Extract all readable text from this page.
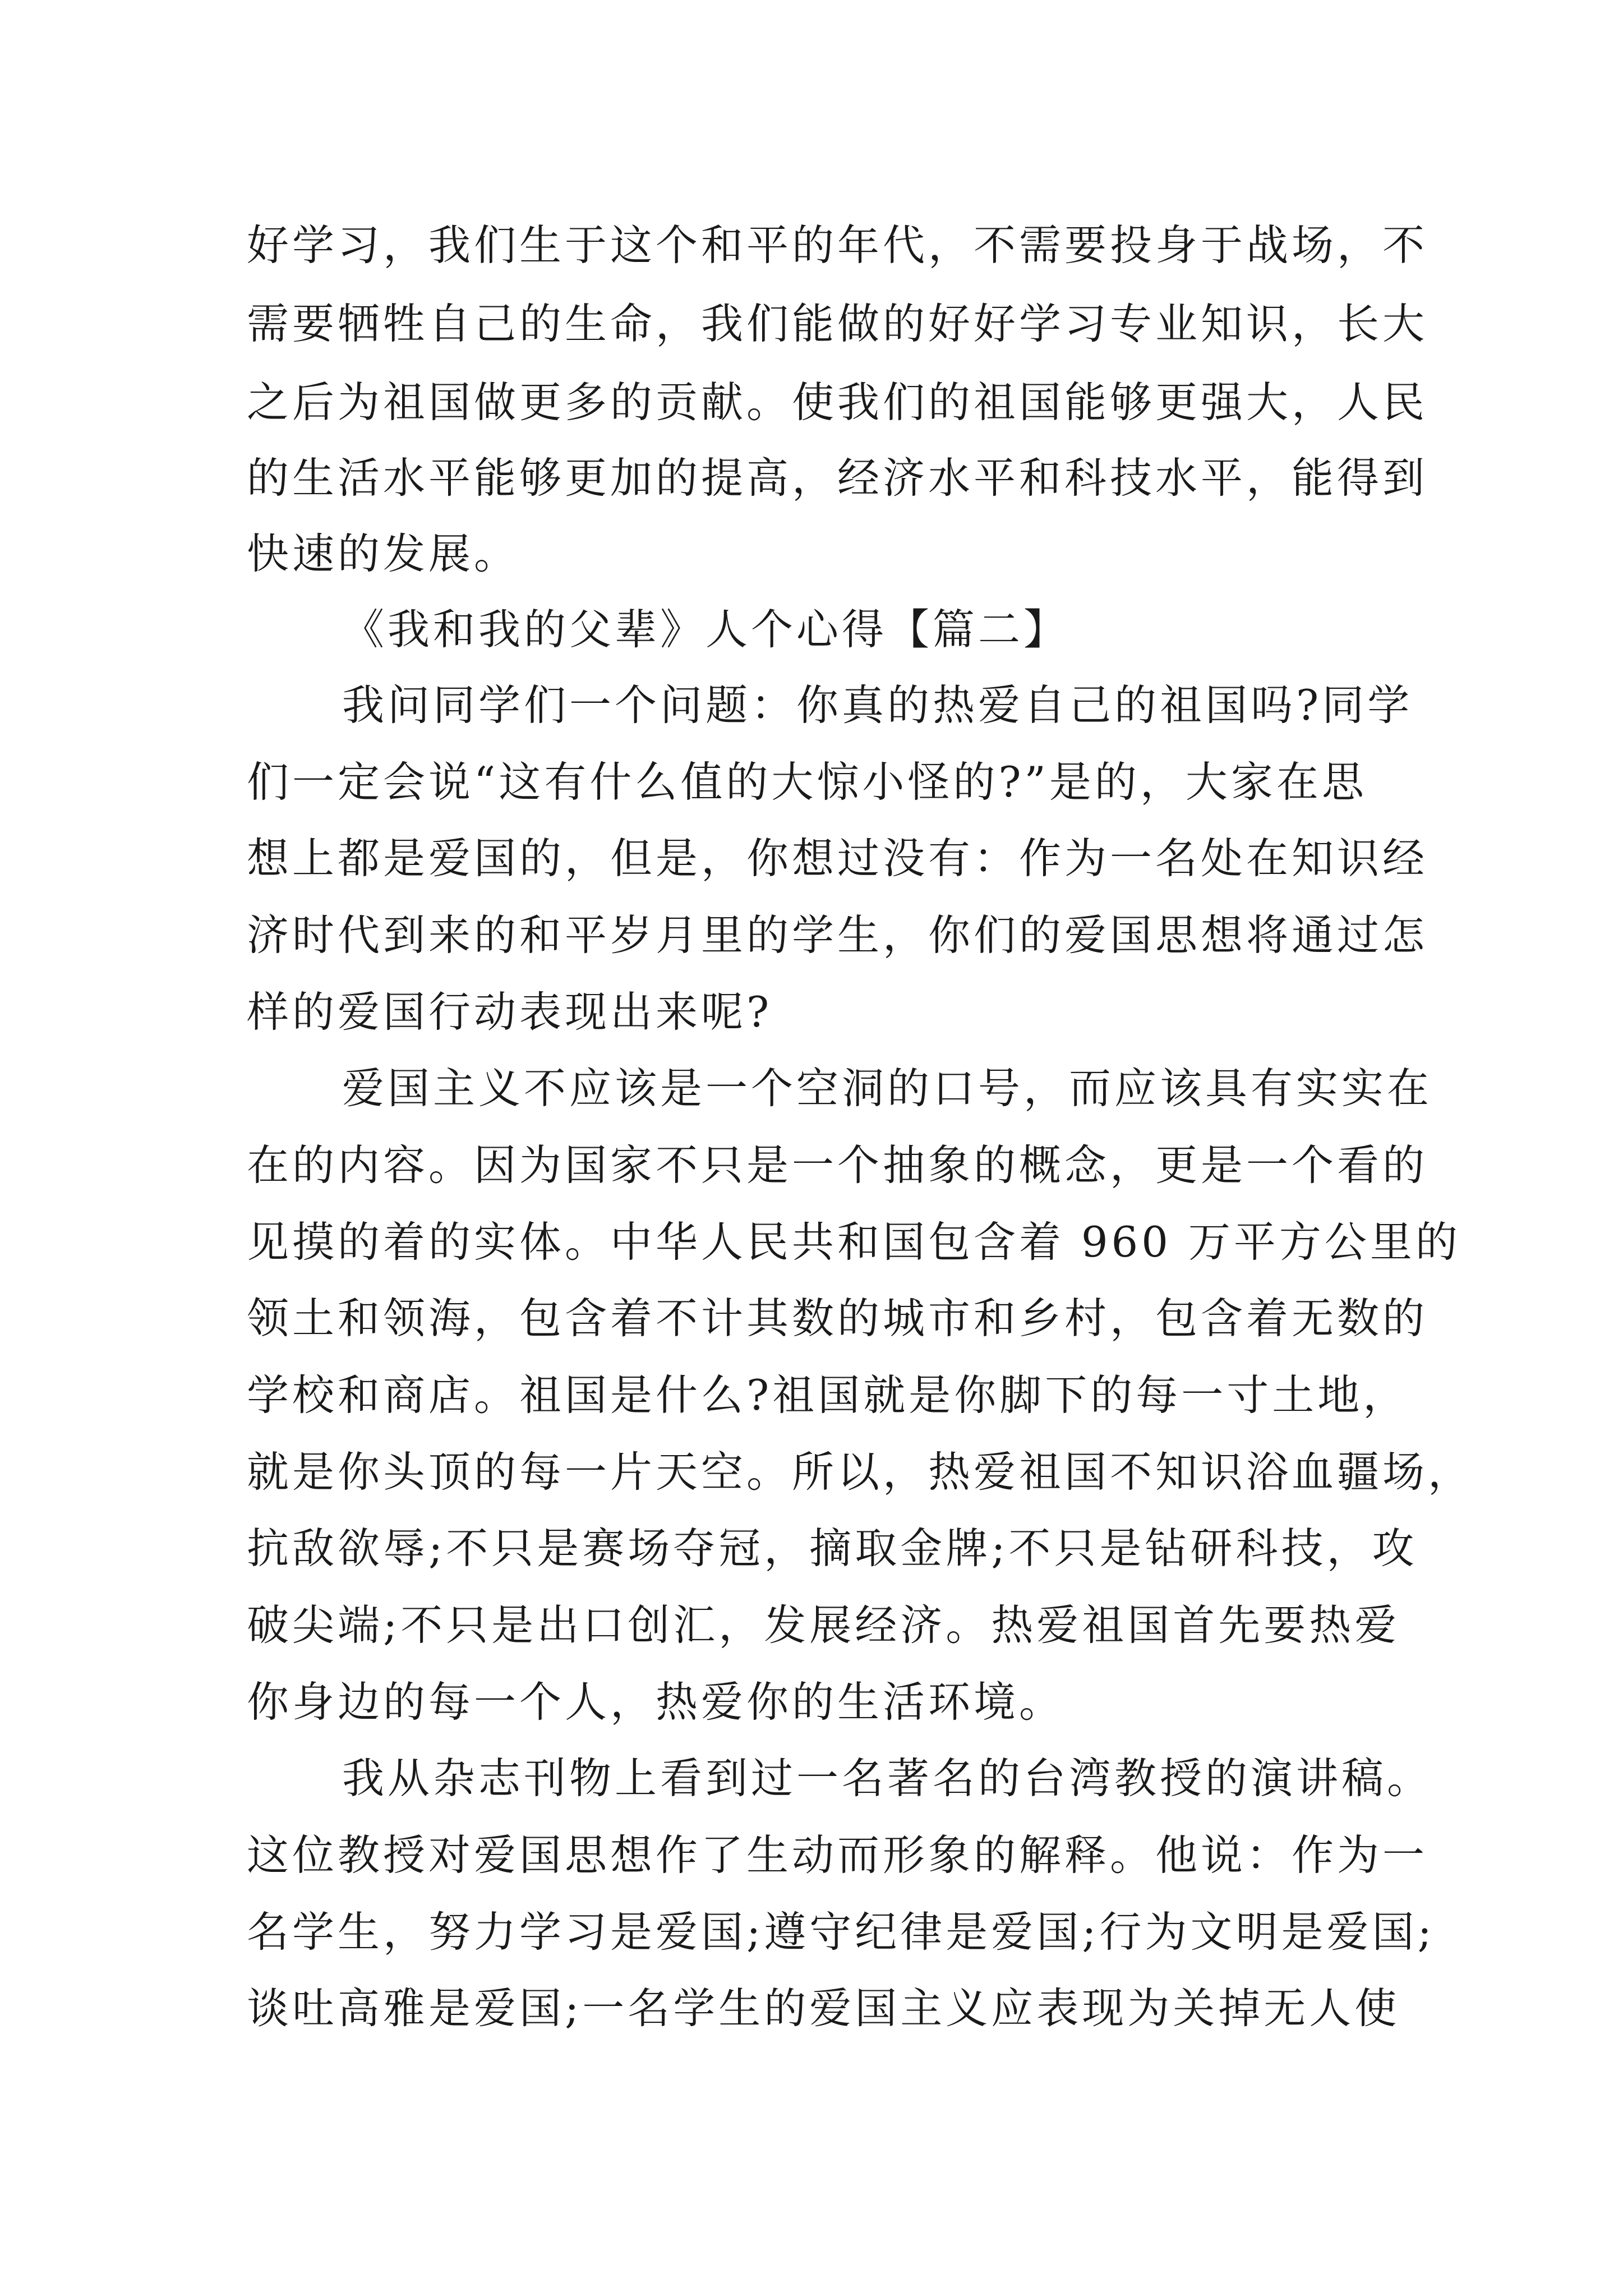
好学习，我们生于这个和平的年代，不需要投身于战场，不
需要牺牲自己的生命，我们能做的好好学习专业知识，长大
之后为祖国做更多的贡献。使我们的祖国能够更强大，人民
的生活水平能够更加的提高，经济水平和科技水平，能得到
快速的发展。
《我和我的父辈》人个心得【篇二】
我问同学们一个问题：你真的热爱自己的祖国吗?同学
们一定会说“这有什么值的大惊小怪的?”是的，大家在思
想上都是爱国的，但是，你想过没有：作为一名处在知识经
济时代到来的和平岁月里的学生，你们的爱国思想将通过怎
样的爱国行动表现出来呢?
爱国主义不应该是一个空洞的口号，而应该具有实实在
在的内容。因为国家不只是一个抽象的概念，更是一个看的
见摸的着的实体。中华人民共和国包含着 960 万平方公里的
领土和领海，包含着不计其数的城市和乡村，包含着无数的
学校和商店。祖国是什么?祖国就是你脚下的每一寸土地，
就是你头顶的每一片天空。所以，热爱祖国不知识浴血疆场，
抗敌欲辱;不只是赛场夺冠，摘取金牌;不只是钻研科技，攻
破尖端;不只是出口创汇，发展经济。热爱祖国首先要热爱
你身边的每一个人，热爱你的生活环境。
我从杂志刊物上看到过一名著名的台湾教授的演讲稿。
这位教授对爱国思想作了生动而形象的解释。他说：作为一
名学生，努力学习是爱国;遵守纪律是爱国;行为文明是爱国;
谈吐高雅是爱国;一名学生的爱国主义应表现为关掉无人使
